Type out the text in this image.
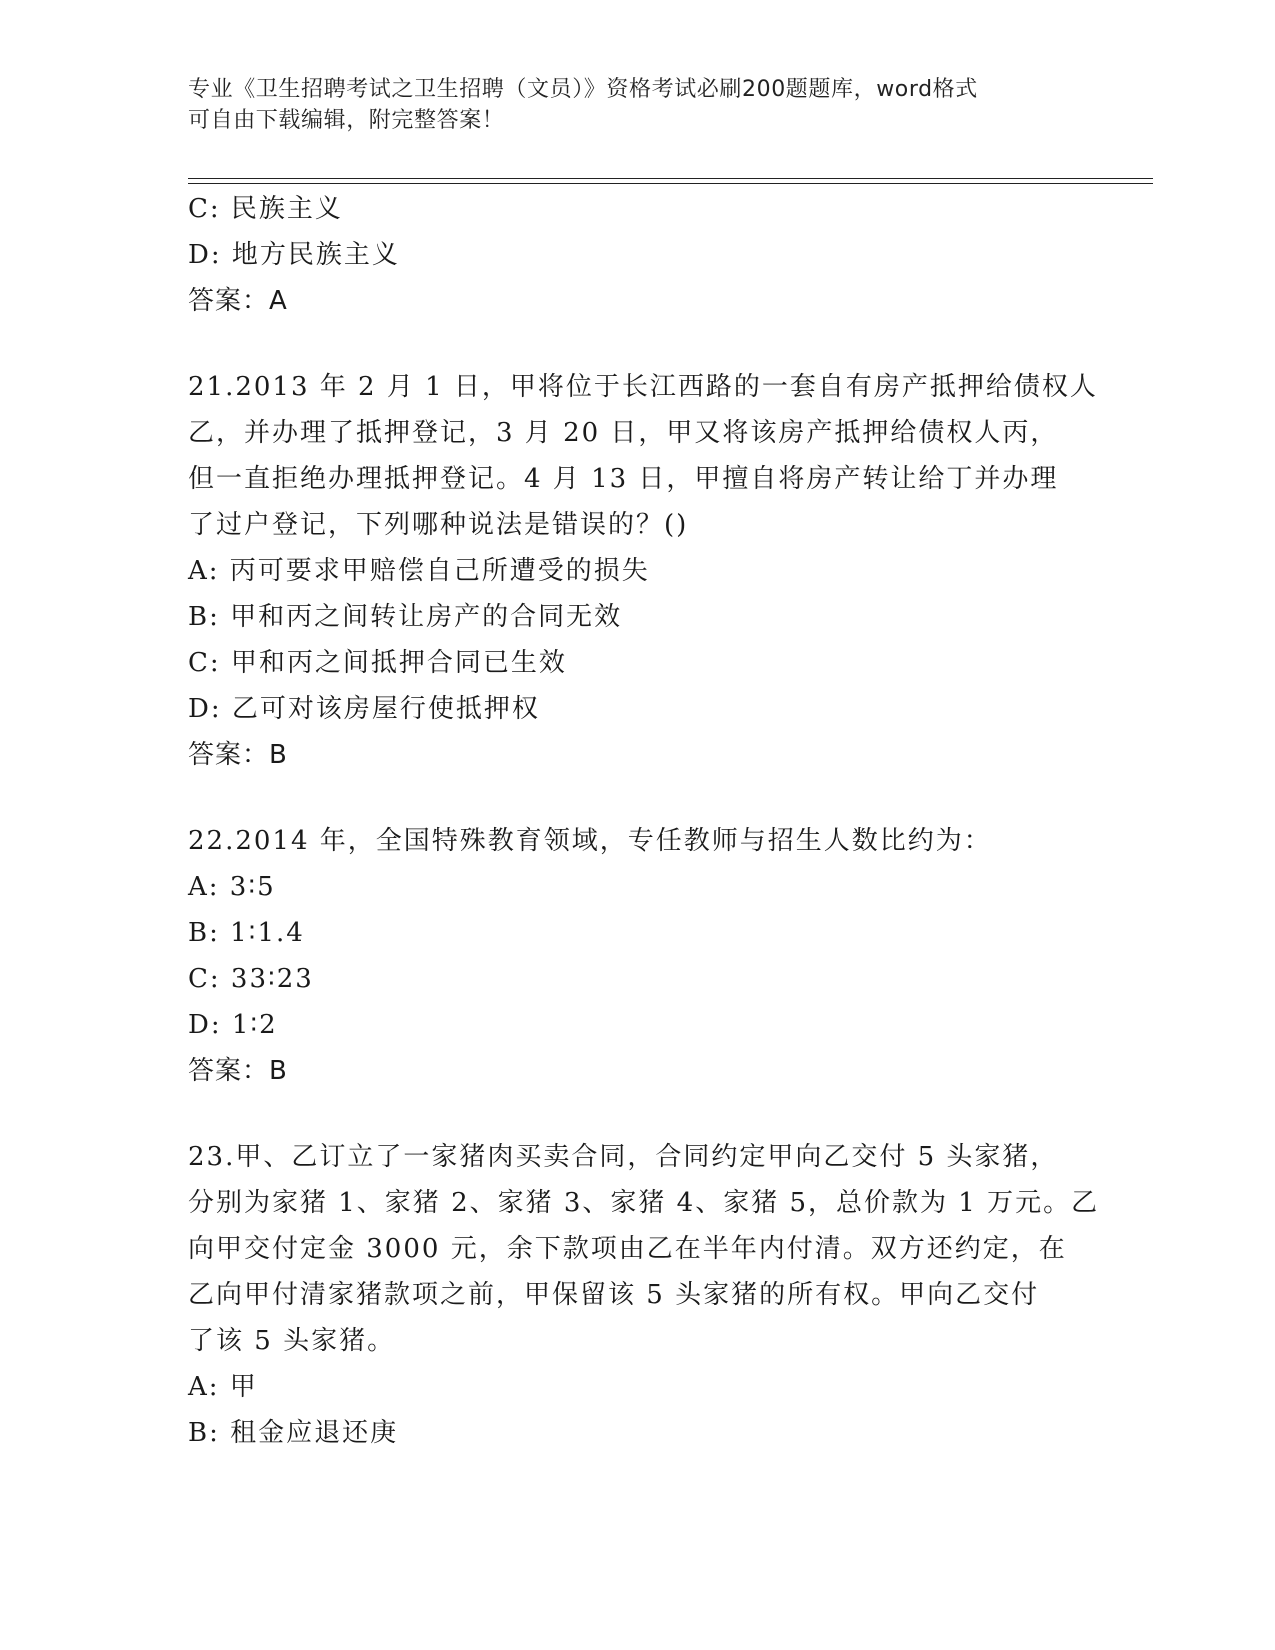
专业《卫生招聘考试之卫生招聘（文员）》资格考试必刷200题题库，word格式
可自由下载编辑，附完整答案！
C: 民族主义
D: 地方民族主义
答案：A
21.2013 年 2 月 1 日，甲将位于长江西路的一套自有房产抵押给债权人
乙，并办理了抵押登记，3 月 20 日，甲又将该房产抵押给债权人丙，
但一直拒绝办理抵押登记。4 月 13 日，甲擅自将房产转让给丁并办理
了过户登记，下列哪种说法是错误的？()
A: 丙可要求甲赔偿自己所遭受的损失
B: 甲和丙之间转让房产的合同无效
C: 甲和丙之间抵押合同已生效
D: 乙可对该房屋行使抵押权
答案：B
22.2014 年，全国特殊教育领域，专任教师与招生人数比约为：
A: 3∶5
B: 1∶1.4
C: 33∶23
D: 1∶2
答案：B
23.甲、乙订立了一家猪肉买卖合同，合同约定甲向乙交付 5 头家猪，
分别为家猪 1、家猪 2、家猪 3、家猪 4、家猪 5，总价款为 1 万元。乙
向甲交付定金 3000 元，余下款项由乙在半年内付清。双方还约定，在
乙向甲付清家猪款项之前，甲保留该 5 头家猪的所有权。甲向乙交付
了该 5 头家猪。
A: 甲
B: 租金应退还庚
